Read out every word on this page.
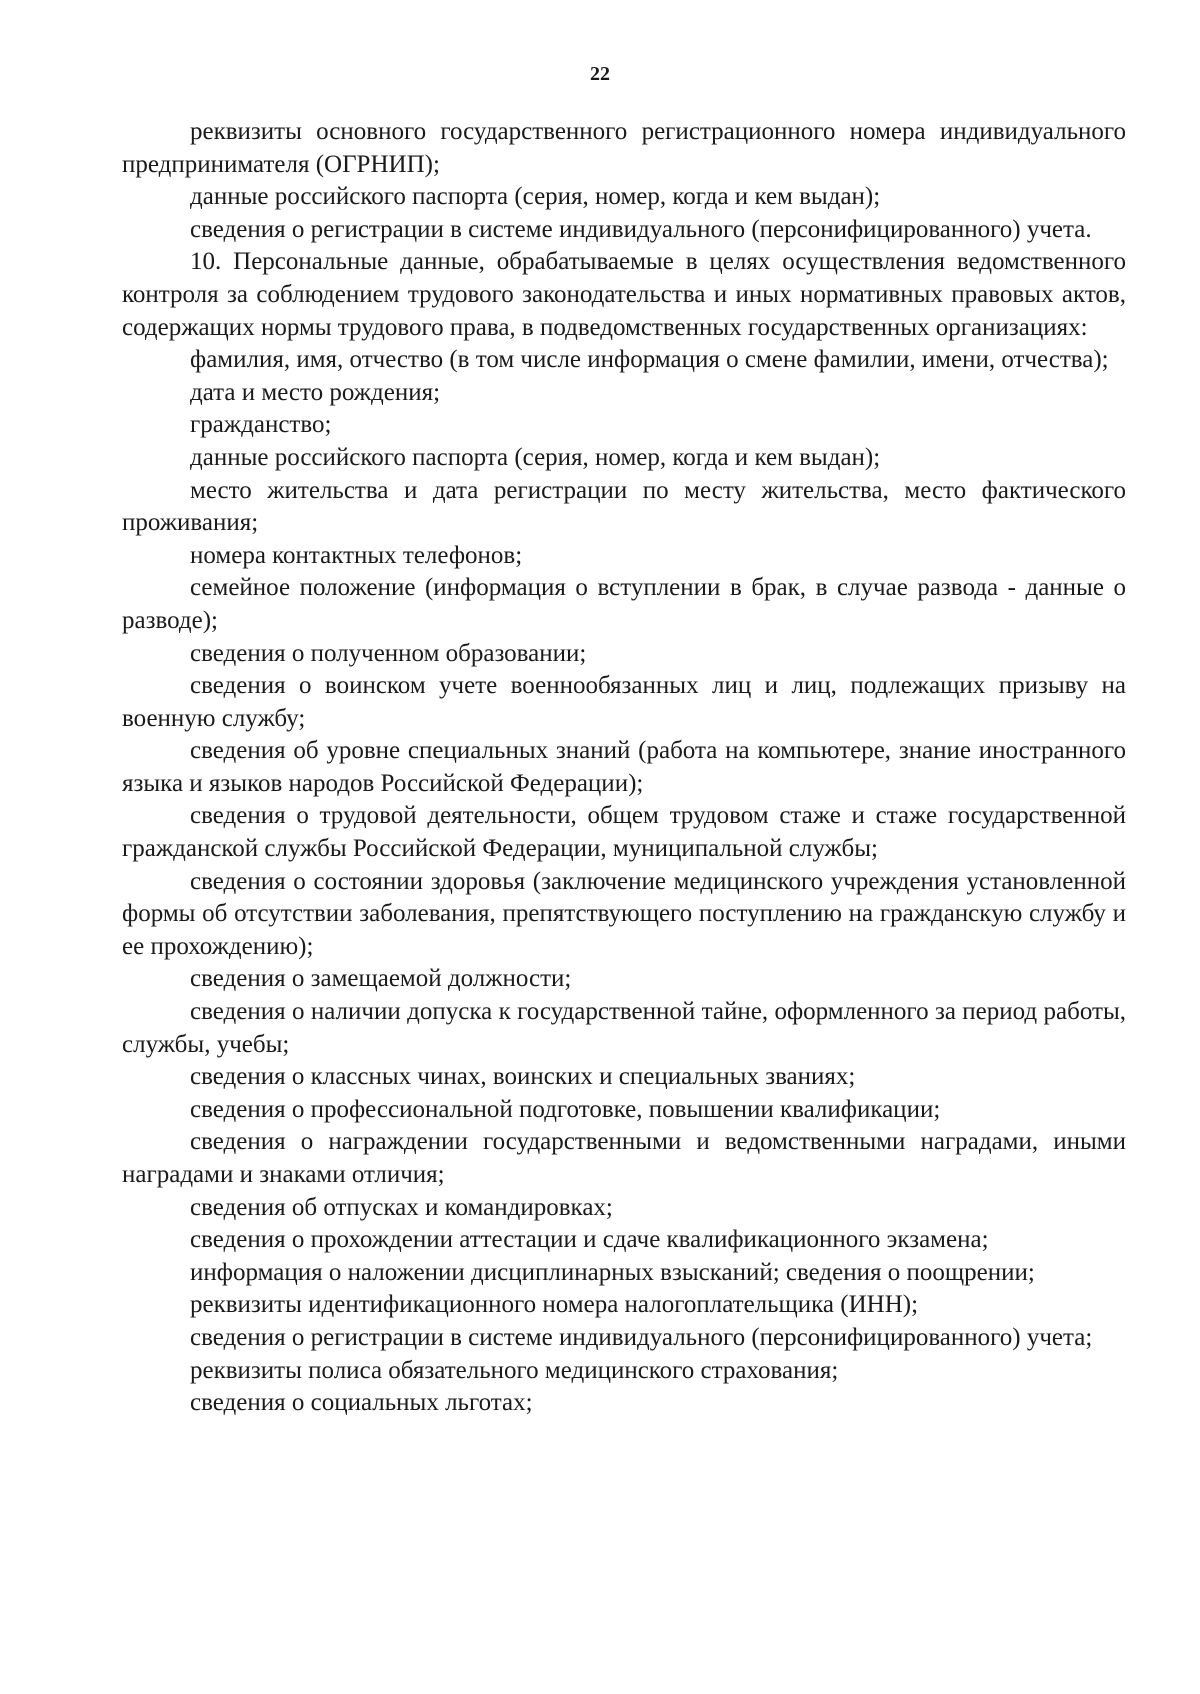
22

реквизиты основного государственного регистрационного номера индивидуального предпринимателя (ОГРНИП);

данные российского паспорта (серия, номер, когда и кем выдан);

сведения о регистрации в системе индивидуального (персонифицированного) учета.

10. Персональные данные, обрабатываемые в целях осуществления ведомственного контроля за соблюдением трудового законодательства и иных нормативных правовых актов, содержащих нормы трудового права, в подведомственных государственных организациях:

фамилия, имя, отчество (в том числе информация о смене фамилии, имени, отчества);

дата и место рождения;

гражданство;

данные российского паспорта (серия, номер, когда и кем выдан);

место жительства и дата регистрации по месту жительства, место фактического проживания;

номера контактных телефонов;

семейное положение (информация о вступлении в брак, в случае развода - данные о разводе);

сведения о полученном образовании;

сведения о воинском учете военнообязанных лиц и лиц, подлежащих призыву на военную службу;

сведения об уровне специальных знаний (работа на компьютере, знание иностранного языка и языков народов Российской Федерации);

сведения о трудовой деятельности, общем трудовом стаже и стаже государственной гражданской службы Российской Федерации, муниципальной службы;

сведения о состоянии здоровья (заключение медицинского учреждения установленной формы об отсутствии заболевания, препятствующего поступлению на гражданскую службу и ее прохождению);

сведения о замещаемой должности;

сведения о наличии допуска к государственной тайне, оформленного за период работы, службы, учебы;

сведения о классных чинах, воинских и специальных званиях;

сведения о профессиональной подготовке, повышении квалификации;

сведения о награждении государственными и ведомственными наградами, иными наградами и знаками отличия;

сведения об отпусках и командировках;

сведения о прохождении аттестации и сдаче квалификационного экзамена;

информация о наложении дисциплинарных взысканий; сведения о поощрении;

реквизиты идентификационного номера налогоплательщика (ИНН);

сведения о регистрации в системе индивидуального (персонифицированного) учета;

реквизиты полиса обязательного медицинского страхования;

сведения о социальных льготах;
